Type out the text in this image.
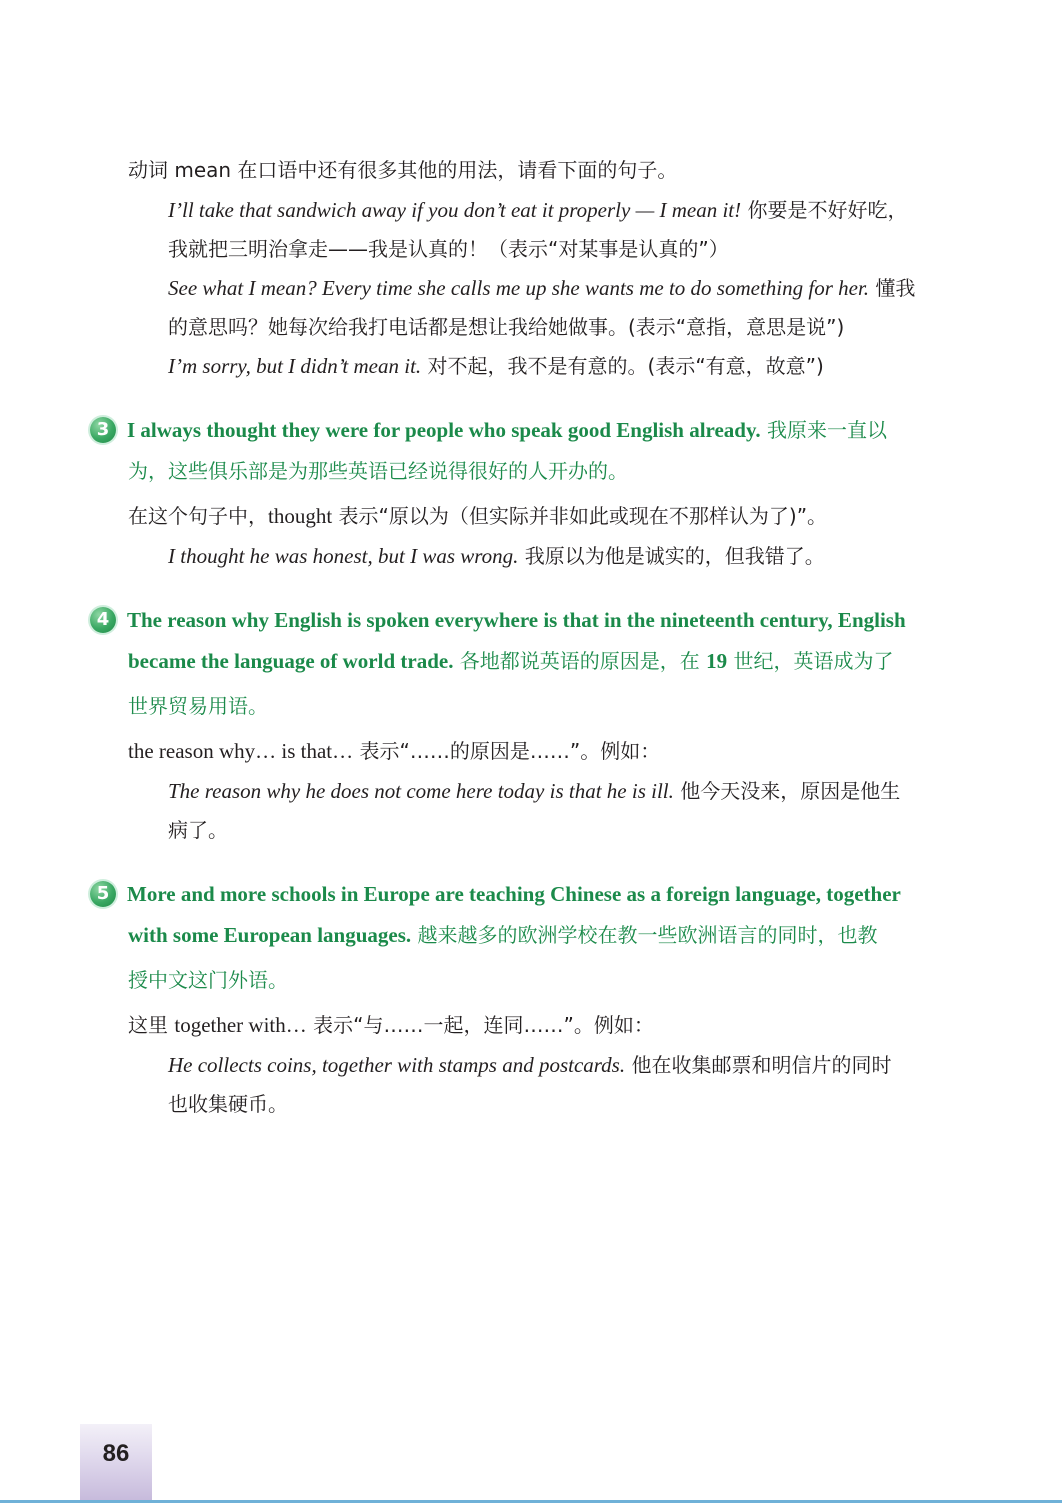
动词 mean 在口语中还有很多其他的用法，请看下面的句子。
I’ll take that sandwich away if you don’t eat it properly — I mean it! 你要是不好好吃，
我就把三明治拿走——我是认真的！（表示“对某事是认真的”）
See what I mean? Every time she calls me up she wants me to do something for her. 懂我
的意思吗？她每次给我打电话都是想让我给她做事。(表示“意指，意思是说”)
I’m sorry, but I didn’t mean it. 对不起，我不是有意的。(表示“有意，故意”)
3 I always thought they were for people who speak good English already. 我原来一直以
为，这些俱乐部是为那些英语已经说得很好的人开办的。
在这个句子中，thought 表示“原以为（但实际并非如此或现在不那样认为了)”。
I thought he was honest, but I was wrong. 我原以为他是诚实的，但我错了。
4 The reason why English is spoken everywhere is that in the nineteenth century, English
became the language of world trade. 各地都说英语的原因是，在 19 世纪，英语成为了
世界贸易用语。
the reason why… is that… 表示“……的原因是……”。例如：
The reason why he does not come here today is that he is ill. 他今天没来，原因是他生
病了。
5 More and more schools in Europe are teaching Chinese as a foreign language, together
with some European languages. 越来越多的欧洲学校在教一些欧洲语言的同时，也教
授中文这门外语。
这里 together with… 表示“与……一起，连同……”。例如：
He collects coins, together with stamps and postcards. 他在收集邮票和明信片的同时
也收集硬币。
86
